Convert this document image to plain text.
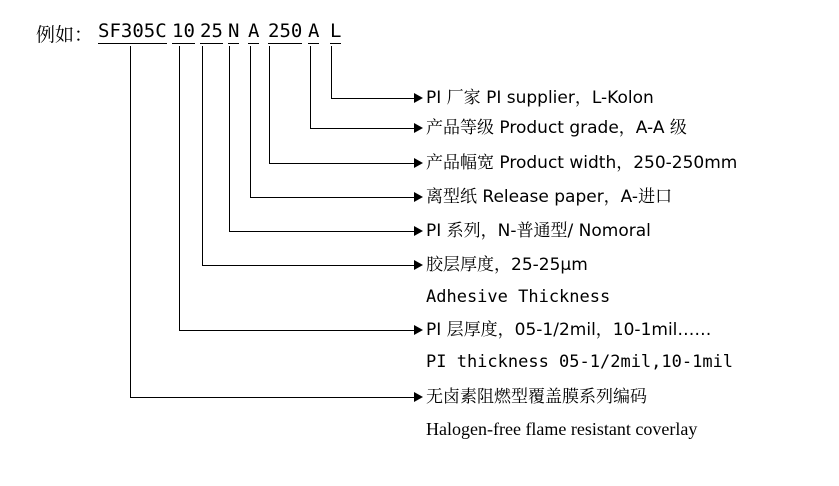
例如： SF305C 10 25 N A 250 A L
PI 厂家 PI supplier，L-Kolon
产品等级 Product grade，A-A 级
产品幅宽 Product width，250-250mm
离型纸 Release paper，A-进口
PI 系列，N-普通型/ Nomoral
胶层厚度，25-25μm
Adhesive Thickness
PI 层厚度，05-1/2mil，10-1mil……
PI thickness 05-1/2mil,10-1mil
无卤素阻燃型覆盖膜系列编码
Halogen-free flame resistant coverlay
